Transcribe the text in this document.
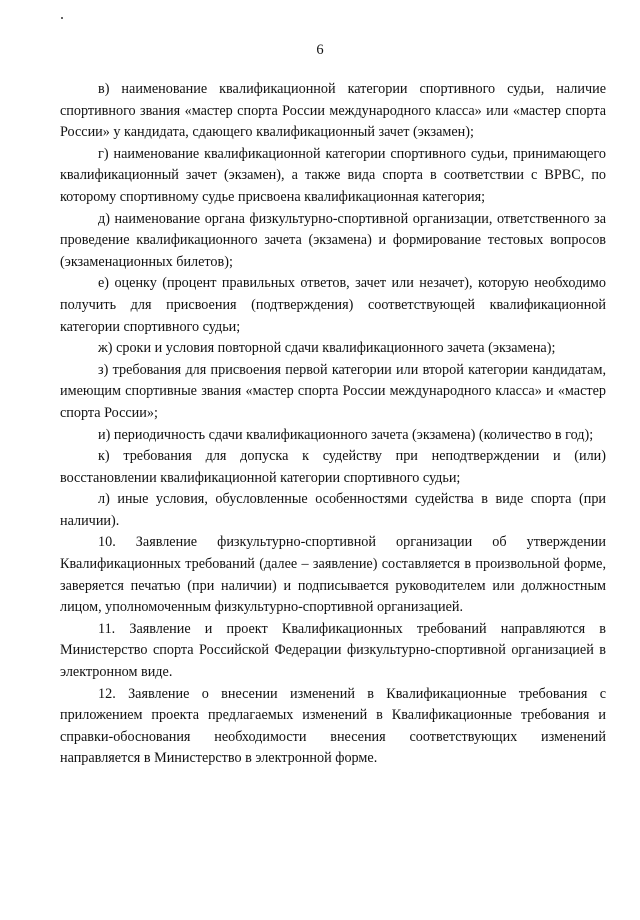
6

в) наименование квалификационной категории спортивного судьи, наличие спортивного звания «мастер спорта России международного класса» или «мастер спорта России» у кандидата, сдающего квалификационный зачет (экзамен);

г) наименование квалификационной категории спортивного судьи, принимающего квалификационный зачет (экзамен), а также вида спорта в соответствии с ВРВС, по которому спортивному судье присвоена квалификационная категория;

д) наименование органа физкультурно-спортивной организации, ответственного за проведение квалификационного зачета (экзамена) и формирование тестовых вопросов (экзаменационных билетов);

е) оценку (процент правильных ответов, зачет или незачет), которую необходимо получить для присвоения (подтверждения) соответствующей квалификационной категории спортивного судьи;

ж) сроки и условия повторной сдачи квалификационного зачета (экзамена);

з) требования для присвоения первой категории или второй категории кандидатам, имеющим спортивные звания «мастер спорта России международного класса» и «мастер спорта России»;

и) периодичность сдачи квалификационного зачета (экзамена) (количество в год);

к) требования для допуска к судейству при неподтверждении и (или) восстановлении квалификационной категории спортивного судьи;

л) иные условия, обусловленные особенностями судейства в виде спорта (при наличии).

10. Заявление физкультурно-спортивной организации об утверждении Квалификационных требований (далее – заявление) составляется в произвольной форме, заверяется печатью (при наличии) и подписывается руководителем или должностным лицом, уполномоченным физкультурно-спортивной организацией.

11. Заявление и проект Квалификационных требований направляются в Министерство спорта Российской Федерации физкультурно-спортивной организацией в электронном виде.

12. Заявление о внесении изменений в Квалификационные требования с приложением проекта предлагаемых изменений в Квалификационные требования и справки-обоснования необходимости внесения соответствующих изменений направляется в Министерство в электронной форме.
